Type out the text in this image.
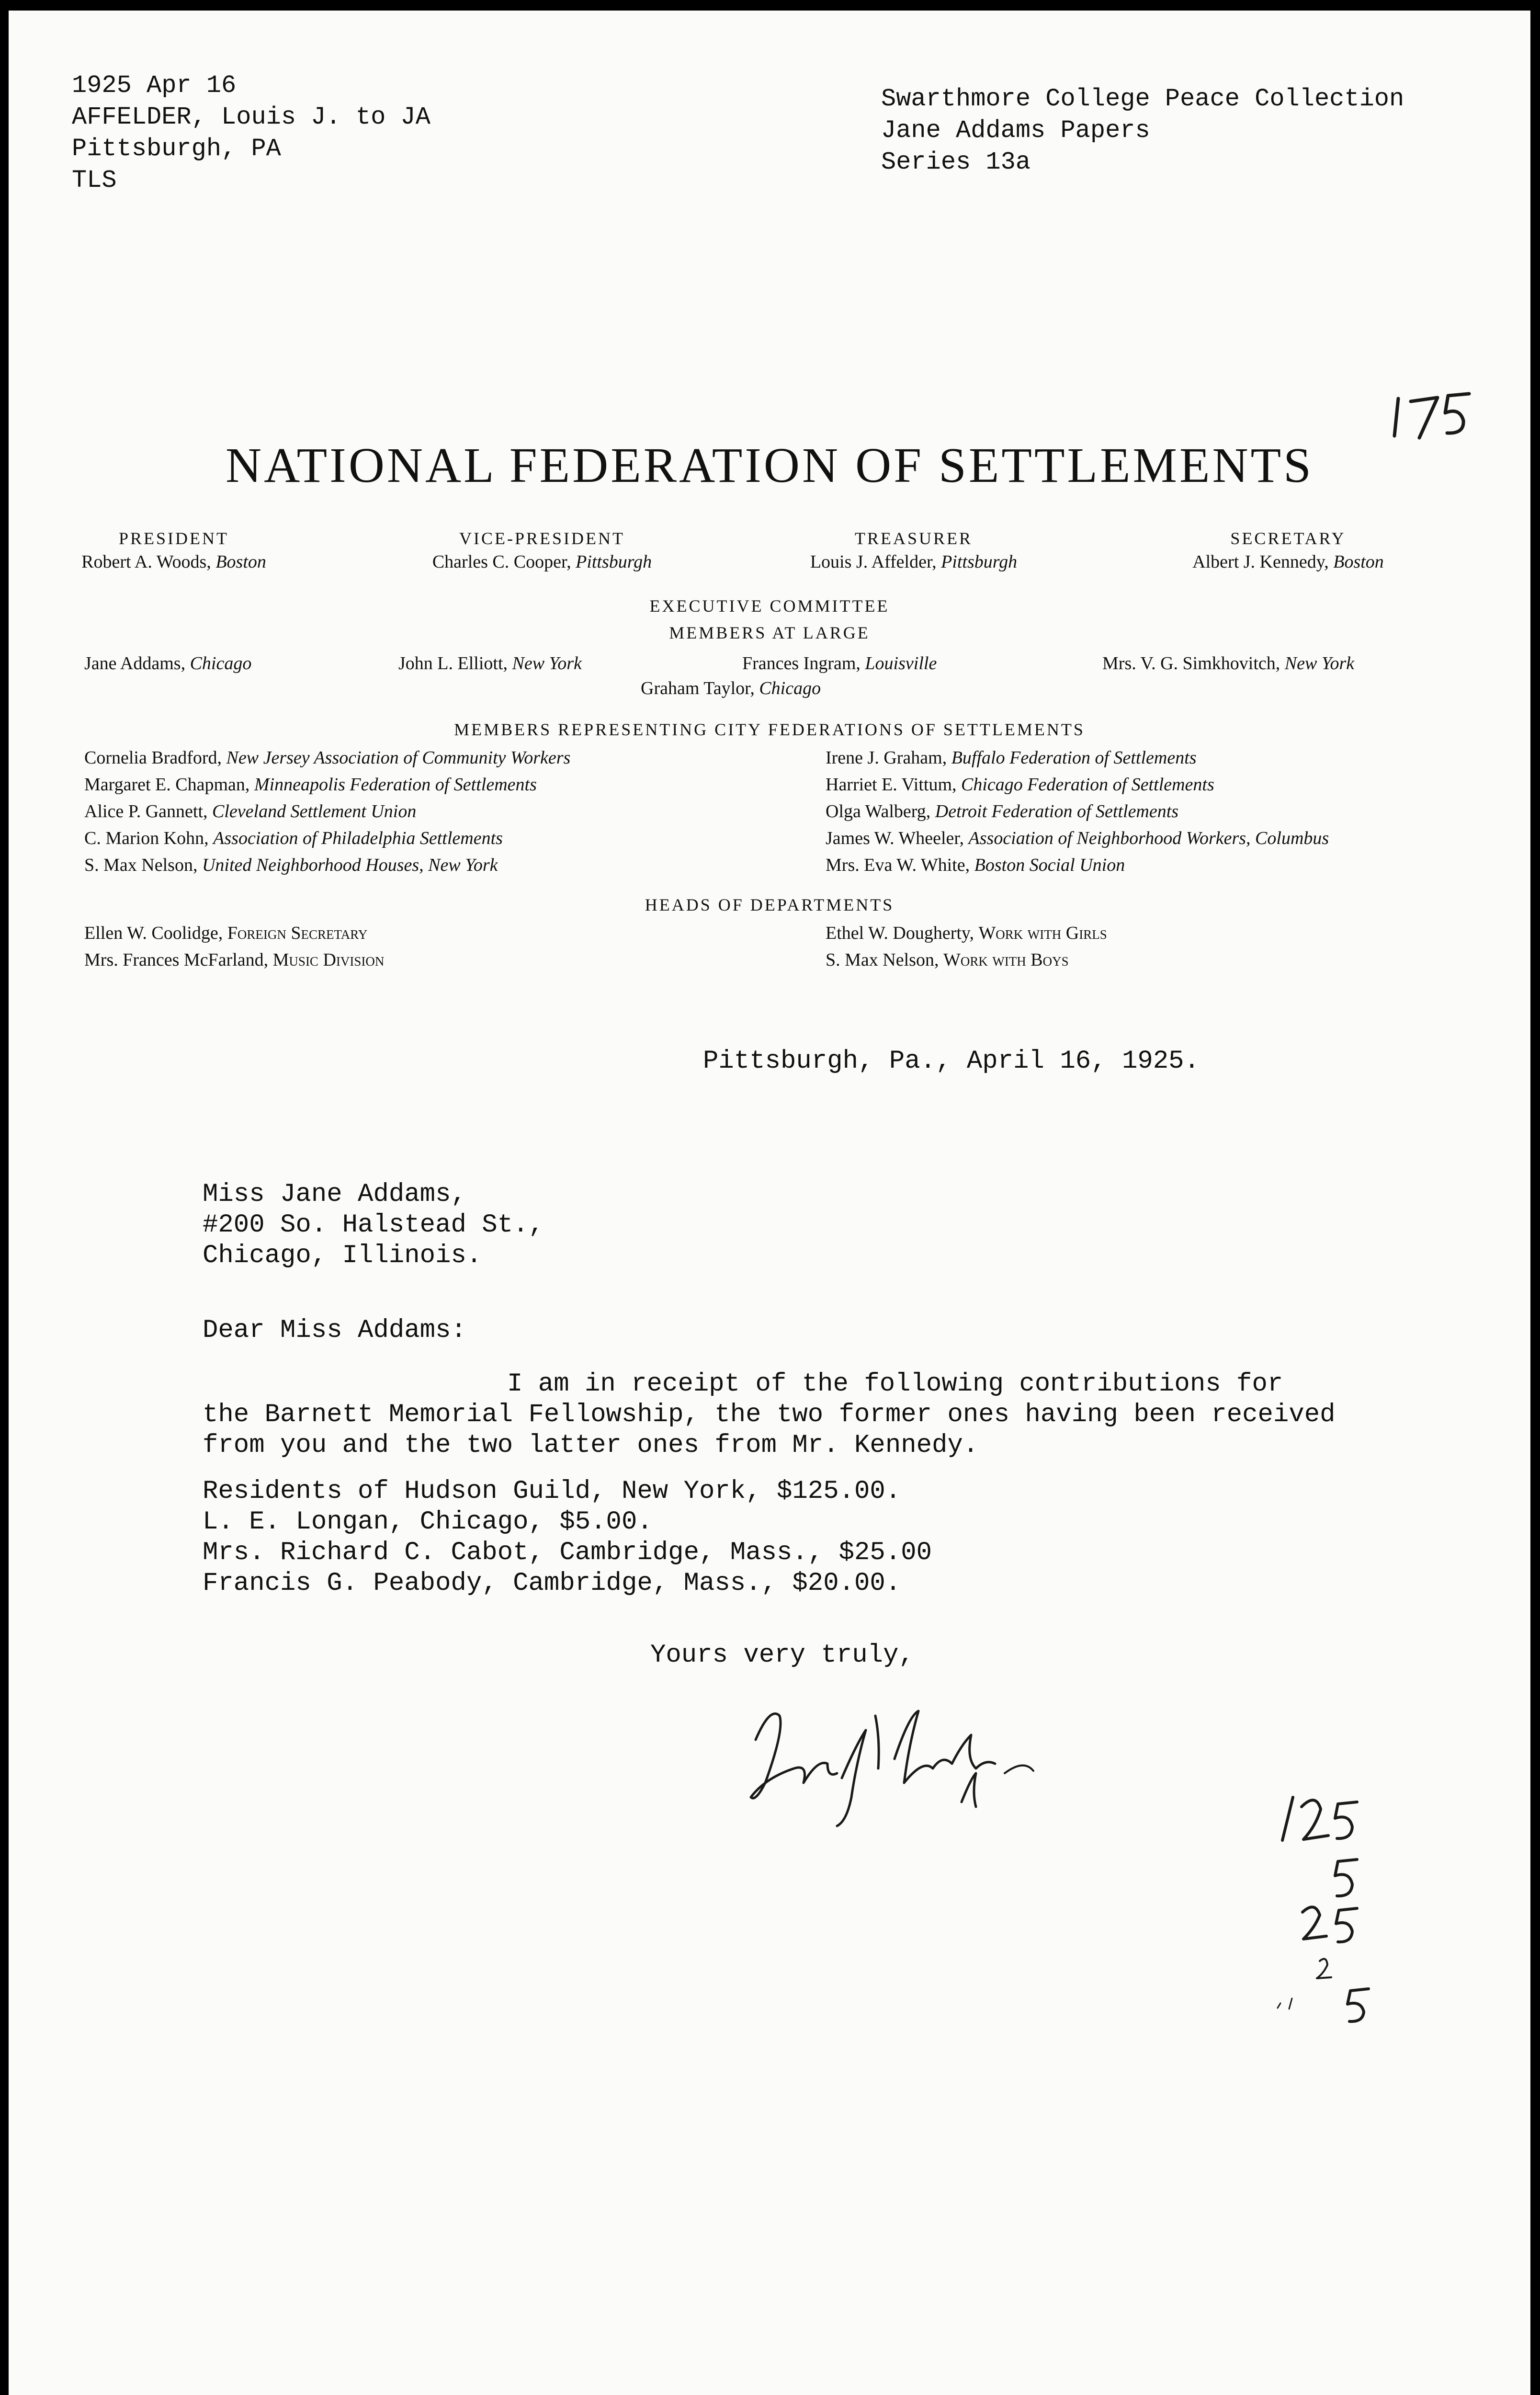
1925 Apr 16
AFFELDER, Louis J. to JA
Pittsburgh, PA
TLS
Swarthmore College Peace Collection
Jane Addams Papers
Series 13a
NATIONAL FEDERATION OF SETTLEMENTS
PRESIDENT
Robert A. Woods, Boston
VICE-PRESIDENT
Charles C. Cooper, Pittsburgh
TREASURER
Louis J. Affelder, Pittsburgh
SECRETARY
Albert J. Kennedy, Boston
EXECUTIVE COMMITTEE
MEMBERS AT LARGE
Jane Addams, Chicago	John L. Elliott, New York	Frances Ingram, Louisville	Mrs. V. G. Simkhovitch, New York
Graham Taylor, Chicago
MEMBERS REPRESENTING CITY FEDERATIONS OF SETTLEMENTS
Cornelia Bradford, New Jersey Association of Community Workers
Margaret E. Chapman, Minneapolis Federation of Settlements
Alice P. Gannett, Cleveland Settlement Union
C. Marion Kohn, Association of Philadelphia Settlements
S. Max Nelson, United Neighborhood Houses, New York
Irene J. Graham, Buffalo Federation of Settlements
Harriet E. Vittum, Chicago Federation of Settlements
Olga Walberg, Detroit Federation of Settlements
James W. Wheeler, Association of Neighborhood Workers, Columbus
Mrs. Eva W. White, Boston Social Union
HEADS OF DEPARTMENTS
Ellen W. Coolidge, Foreign Secretary
Mrs. Frances McFarland, Music Division
Ethel W. Dougherty, Work with Girls
S. Max Nelson, Work with Boys
Pittsburgh, Pa., April 16, 1925.
Miss Jane Addams,
#200 So. Halstead St.,
Chicago, Illinois.
Dear Miss Addams:
I am in receipt of the following contributions for
the Barnett Memorial Fellowship, the two former ones having been received
from you and the two latter ones from Mr. Kennedy.
Residents of Hudson Guild, New York, $125.00.
L. E. Longan, Chicago, $5.00.
Mrs. Richard C. Cabot, Cambridge, Mass., $25.00
Francis G. Peabody, Cambridge, Mass., $20.00.
Yours very truly,
